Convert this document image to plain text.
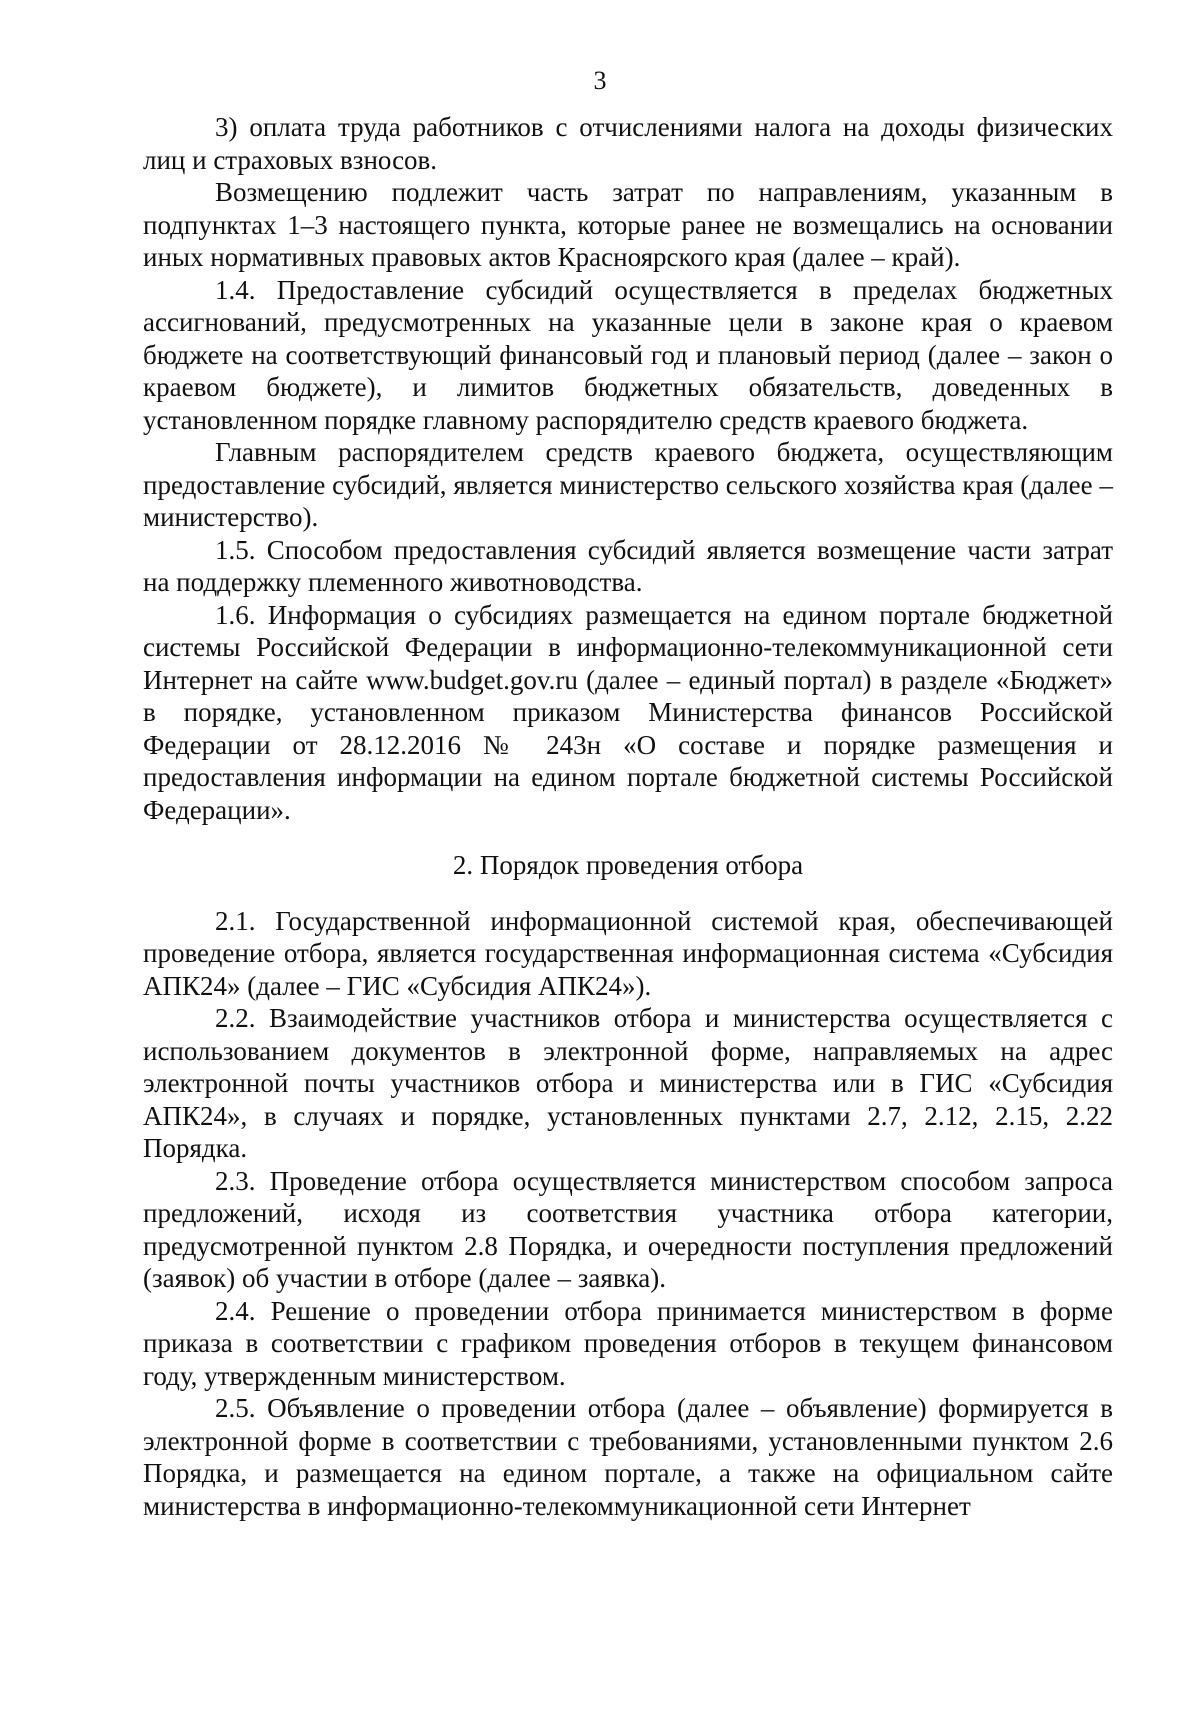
3

3) оплата труда работников с отчислениями налога на доходы физических лиц и страховых взносов.

Возмещению подлежит часть затрат по направлениям, указанным в подпунктах 1–3 настоящего пункта, которые ранее не возмещались на основании иных нормативных правовых актов Красноярского края (далее – край).

1.4. Предоставление субсидий осуществляется в пределах бюджетных ассигнований, предусмотренных на указанные цели в законе края о краевом бюджете на соответствующий финансовый год и плановый период (далее – закон о краевом бюджете), и лимитов бюджетных обязательств, доведенных в установленном порядке главному распорядителю средств краевого бюджета.

Главным распорядителем средств краевого бюджета, осуществляющим предоставление субсидий, является министерство сельского хозяйства края (далее – министерство).

1.5. Способом предоставления субсидий является возмещение части затрат на поддержку племенного животноводства.

1.6. Информация о субсидиях размещается на едином портале бюджетной системы Российской Федерации в информационно-телекоммуникационной сети Интернет на сайте www.budget.gov.ru (далее – единый портал) в разделе «Бюджет» в порядке, установленном приказом Министерства финансов Российской Федерации от 28.12.2016 № 243н «О составе и порядке размещения и предоставления информации на едином портале бюджетной системы Российской Федерации».

2. Порядок проведения отбора

2.1. Государственной информационной системой края, обеспечивающей проведение отбора, является государственная информационная система «Субсидия АПК24» (далее – ГИС «Субсидия АПК24»).

2.2. Взаимодействие участников отбора и министерства осуществляется с использованием документов в электронной форме, направляемых на адрес электронной почты участников отбора и министерства или в ГИС «Субсидия АПК24», в случаях и порядке, установленных пунктами 2.7, 2.12, 2.15, 2.22 Порядка.

2.3. Проведение отбора осуществляется министерством способом запроса предложений, исходя из соответствия участника отбора категории, предусмотренной пунктом 2.8 Порядка, и очередности поступления предложений (заявок) об участии в отборе (далее – заявка).

2.4. Решение о проведении отбора принимается министерством в форме приказа в соответствии с графиком проведения отборов в текущем финансовом году, утвержденным министерством.

2.5. Объявление о проведении отбора (далее – объявление) формируется в электронной форме в соответствии с требованиями, установленными пунктом 2.6 Порядка, и размещается на едином портале, а также на официальном сайте министерства в информационно-телекоммуникационной сети Интернет
